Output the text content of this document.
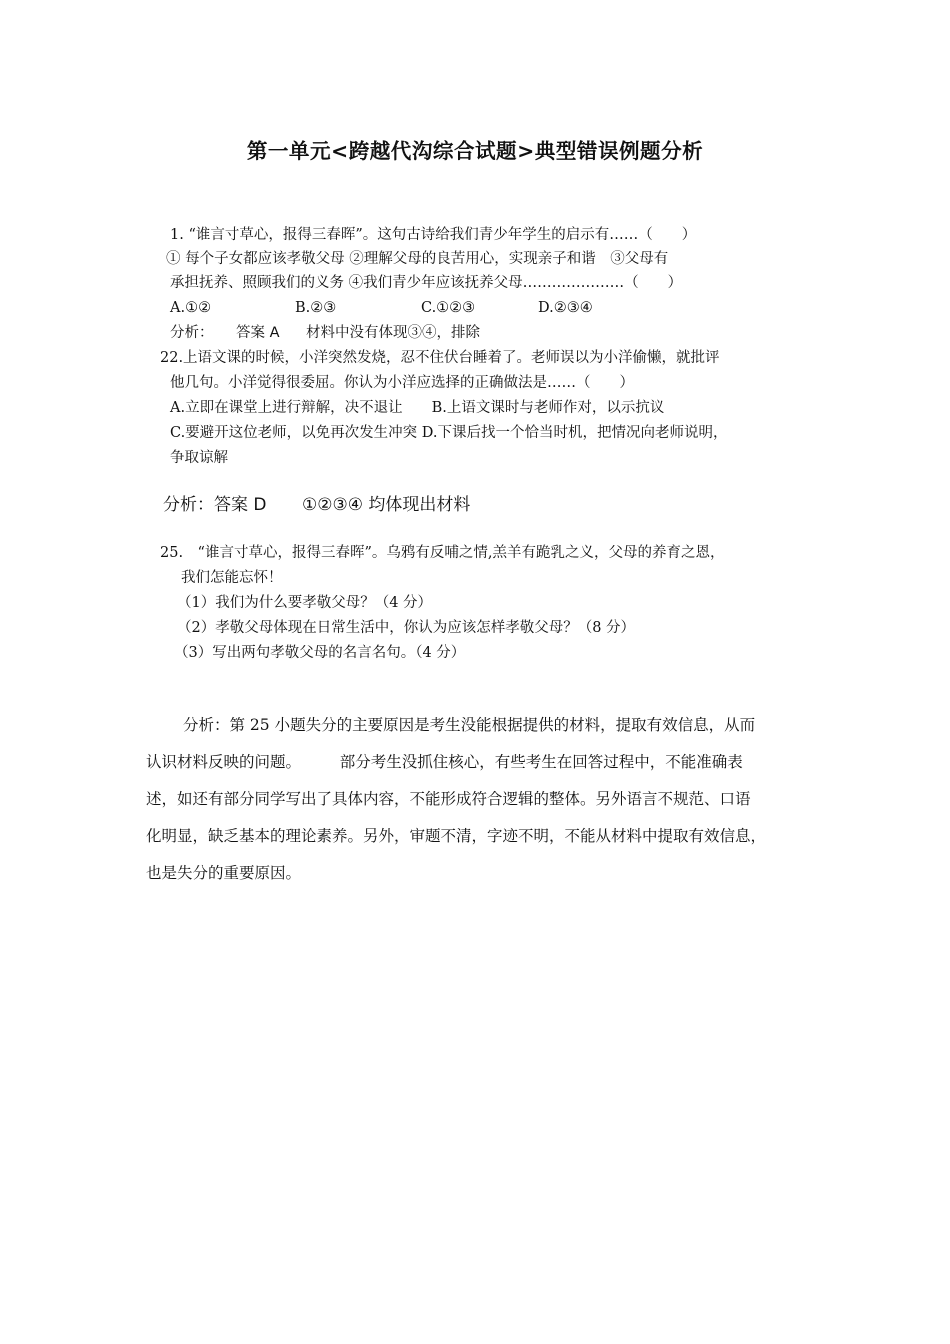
第一单元<跨越代沟综合试题>典型错误例题分析
1. “谁言寸草心，报得三春晖”。这句古诗给我们青少年学生的启示有……（　　）
① 每个子女都应该孝敬父母 ②理解父母的良苦用心，实现亲子和谐　③父母有
承担抚养、照顾我们的义务 ④我们青少年应该抚养父母…………………（　　）
A.①②	B.②③	C.①②③	D.②③④
分析： 答案 A 材料中没有体现③④，排除
22.上语文课的时候，小洋突然发烧，忍不住伏台睡着了。老师误以为小洋偷懒，就批评
他几句。小洋觉得很委屈。你认为小洋应选择的正确做法是……（　　）
A.立即在课堂上进行辩解，决不退让　　B.上语文课时与老师作对，以示抗议
C.要避开这位老师，以免再次发生冲突 D.下课后找一个恰当时机，把情况向老师说明，
争取谅解
分析：答案 D ①②③④ 均体现出材料
25.　“谁言寸草心，报得三春晖”。乌鸦有反哺之情,羔羊有跪乳之义，父母的养育之恩，
我们怎能忘怀！
（1）我们为什么要孝敬父母？（4 分）
（2）孝敬父母体现在日常生活中，你认为应该怎样孝敬父母？（8 分）
（3）写出两句孝敬父母的名言名句。（4 分）
分析：第 25 小题失分的主要原因是考生没能根据提供的材料，提取有效信息，从而
认识材料反映的问题。　　　部分考生没抓住核心，有些考生在回答过程中，不能准确表
述，如还有部分同学写出了具体内容，不能形成符合逻辑的整体。另外语言不规范、口语
化明显，缺乏基本的理论素养。另外，审题不清，字迹不明，不能从材料中提取有效信息，
也是失分的重要原因。
